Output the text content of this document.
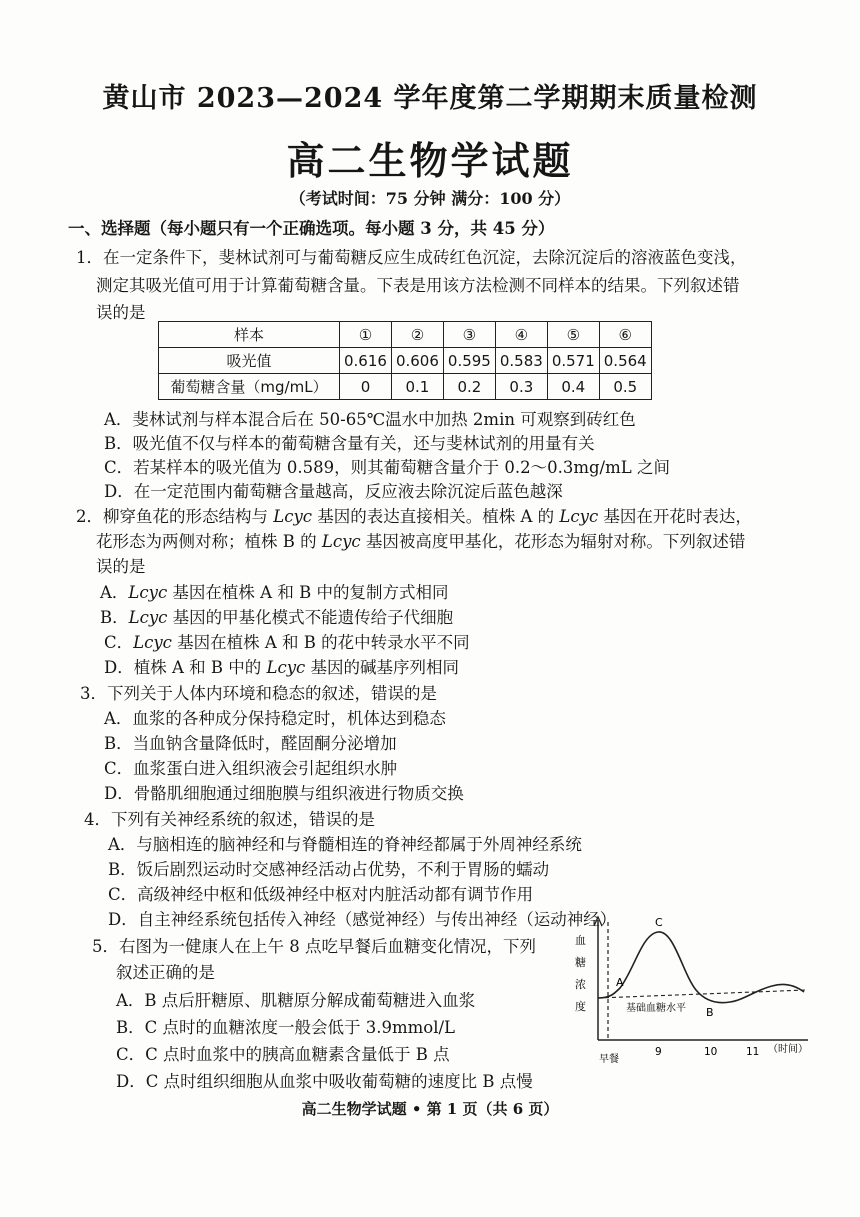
黄山市 2023—2024 学年度第二学期期末质量检测
高二生物学试题
（考试时间：75 分钟 满分：100 分）
一、选择题（每小题只有一个正确选项。每小题 3 分，共 45 分）
1．在一定条件下，斐林试剂可与葡萄糖反应生成砖红色沉淀，去除沉淀后的溶液蓝色变浅，
测定其吸光值可用于计算葡萄糖含量。下表是用该方法检测不同样本的结果。下列叙述错
误的是
样本	①	②	③	④	⑤	⑥
吸光值	0.616	0.606	0.595	0.583	0.571	0.564
葡萄糖含量（mg/mL）	0	0.1	0.2	0.3	0.4	0.5
A．斐林试剂与样本混合后在 50-65℃温水中加热 2min 可观察到砖红色
B．吸光值不仅与样本的葡萄糖含量有关，还与斐林试剂的用量有关
C．若某样本的吸光值为 0.589，则其葡萄糖含量介于 0.2～0.3mg/mL 之间
D．在一定范围内葡萄糖含量越高，反应液去除沉淀后蓝色越深
2．柳穿鱼花的形态结构与 Lcyc 基因的表达直接相关。植株 A 的 Lcyc 基因在开花时表达，
花形态为两侧对称；植株 B 的 Lcyc 基因被高度甲基化，花形态为辐射对称。下列叙述错
误的是
A．Lcyc 基因在植株 A 和 B 中的复制方式相同
B．Lcyc 基因的甲基化模式不能遗传给子代细胞
C．Lcyc 基因在植株 A 和 B 的花中转录水平不同
D．植株 A 和 B 中的 Lcyc 基因的碱基序列相同
3．下列关于人体内环境和稳态的叙述，错误的是
A．血浆的各种成分保持稳定时，机体达到稳态
B．当血钠含量降低时，醛固酮分泌增加
C．血浆蛋白进入组织液会引起组织水肿
D．骨骼肌细胞通过细胞膜与组织液进行物质交换
4．下列有关神经系统的叙述，错误的是
A．与脑相连的脑神经和与脊髓相连的脊神经都属于外周神经系统
B．饭后剧烈运动时交感神经活动占优势，不利于胃肠的蠕动
C．高级神经中枢和低级神经中枢对内脏活动都有调节作用
D．自主神经系统包括传入神经（感觉神经）与传出神经（运动神经）
5．右图为一健康人在上午 8 点吃早餐后血糖变化情况，下列
叙述正确的是
A．B 点后肝糖原、肌糖原分解成葡萄糖进入血浆
B．C 点时的血糖浓度一般会低于 3.9mmol/L
C．C 点时血浆中的胰高血糖素含量低于 B 点
D．C 点时组织细胞从血浆中吸收葡萄糖的速度比 B 点慢
血
糖
浓
度	基础血糖水平
A
B
C
早餐
9	10	11 （时间）
高二生物学试题 • 第 1 页（共 6 页）
